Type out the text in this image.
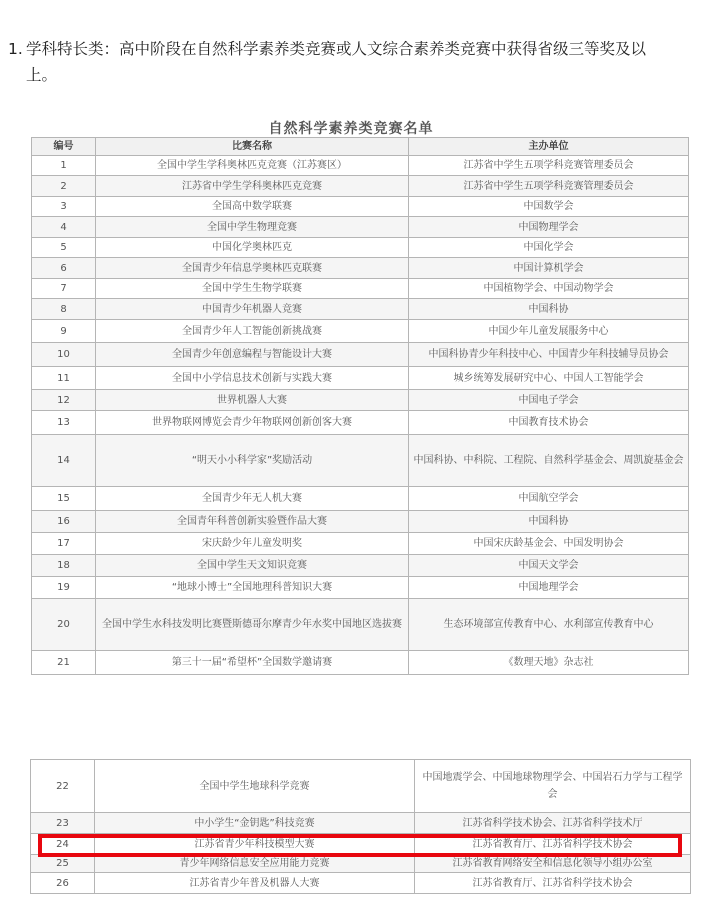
1. 学科特长类：高中阶段在自然科学素养类竞赛或人文综合素养类竞赛中获得省级三等奖及以
上。
自然科学素养类竞赛名单
编号	比赛名称	主办单位
1	全国中学生学科奥林匹克竞赛（江苏赛区）	江苏省中学生五项学科竞赛管理委员会
2	江苏省中学生学科奥林匹克竞赛	江苏省中学生五项学科竞赛管理委员会
3	全国高中数学联赛	中国数学会
4	全国中学生物理竞赛	中国物理学会
5	中国化学奥林匹克	中国化学会
6	全国青少年信息学奥林匹克联赛	中国计算机学会
7	全国中学生生物学联赛	中国植物学会、中国动物学会
8	中国青少年机器人竞赛	中国科协
9	全国青少年人工智能创新挑战赛	中国少年儿童发展服务中心
10	全国青少年创意编程与智能设计大赛	中国科协青少年科技中心、中国青少年科技辅导员协会
11	全国中小学信息技术创新与实践大赛	城乡统筹发展研究中心、中国人工智能学会
12	世界机器人大赛	中国电子学会
13	世界物联网博览会青少年物联网创新创客大赛	中国教育技术协会
14	“明天小小科学家”奖励活动	中国科协、中科院、工程院、自然科学基金会、周凯旋基金会
15	全国青少年无人机大赛	中国航空学会
16	全国青年科普创新实验暨作品大赛	中国科协
17	宋庆龄少年儿童发明奖	中国宋庆龄基金会、中国发明协会
18	全国中学生天文知识竞赛	中国天文学会
19	“地球小博士”全国地理科普知识大赛	中国地理学会
20	全国中学生水科技发明比赛暨斯德哥尔摩青少年水奖中国地区选拔赛	生态环境部宣传教育中心、水利部宣传教育中心
21	第三十一届“希望杯”全国数学邀请赛	《数理天地》杂志社
22	全国中学生地球科学竞赛	中国地震学会、中国地球物理学会、中国岩石力学与工程学会
23	中小学生“金钥匙”科技竞赛	江苏省科学技术协会、江苏省科学技术厅
24	江苏省青少年科技模型大赛	江苏省教育厅、江苏省科学技术协会
25	青少年网络信息安全应用能力竞赛	江苏省教育网络安全和信息化领导小组办公室
26	江苏省青少年普及机器人大赛	江苏省教育厅、江苏省科学技术协会
